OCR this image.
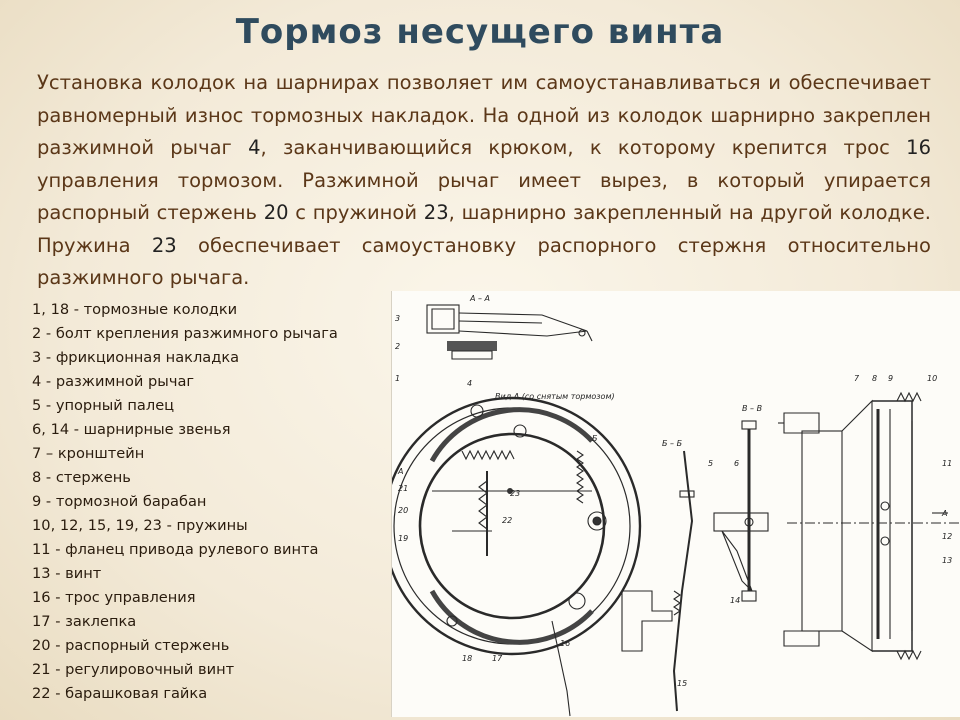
Тормоз несущего винта
Установка колодок на шарнирах позволяет им самоустанавливаться и обеспечивает равномерный износ тормозных накладок. На одной из колодок шарнирно закреплен разжимной рычаг 4, заканчивающийся крюком, к которому крепится трос 16 управления тормозом. Разжимной рычаг имеет вырез, в который упирается распорный стержень 20 с пружиной 23, шарнирно закрепленный на другой колодке. Пружина 23 обеспечивает самоустановку распорного стержня относительно разжимного рычага.
1, 18 - тормозные колодки
2 - болт крепления разжимного рычага
3 - фрикционная накладка
4 - разжимной рычаг
5 - упорный палец
6, 14 - шарнирные звенья
7 – кронштейн
8 - стержень
9 - тормозной барабан
10, 12, 15, 19, 23 - пружины
11 - фланец привода рулевого винта
13 - винт
16 - трос управления
17 - заклепка
20 - распорный стержень
21 - регулировочный винт
22 - барашковая гайка
А – А
Вид А (со снятым тормозом)
Б – Б
В – В
3
2
1
4
А
21
20
19
22
23
Б
18 17
16
15
14
5	6
7 8 9	10
11
А
12
13
